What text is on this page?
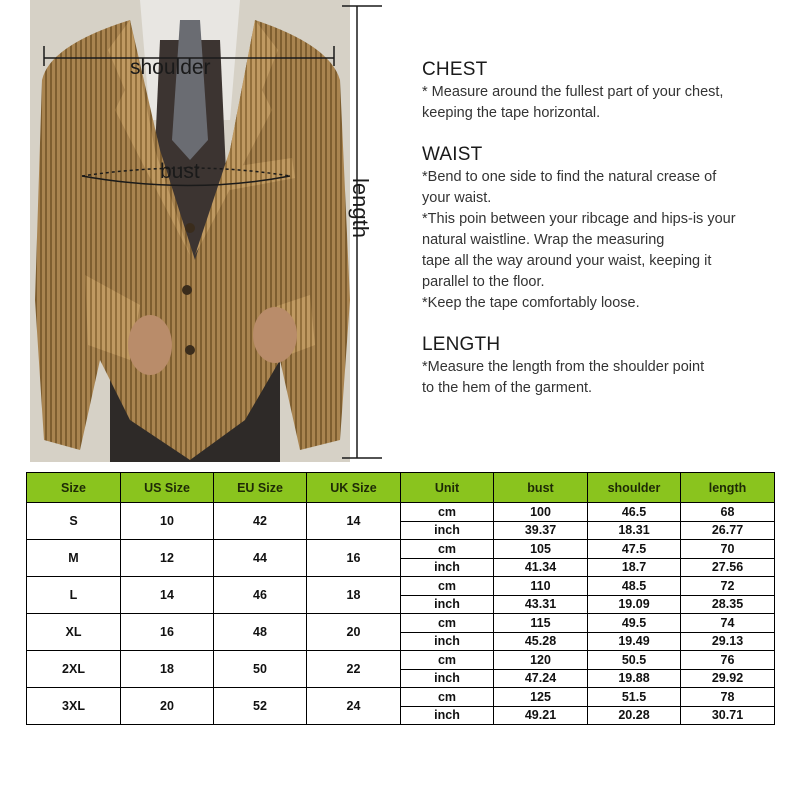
shoulder
bust
length
CHEST
* Measure around the fullest part of your chest,
keeping the tape horizontal.
WAIST
*Bend to one side to find the natural crease of
your waist.
*This poin between your ribcage and hips-is your
natural waistline. Wrap the measuring
tape all the way around your waist, keeping it
parallel to the floor.
*Keep the tape comfortably loose.
LENGTH
*Measure the length from the shoulder point
to the hem of the garment.
Size	US Size	EU Size	UK Size	Unit	bust	shoulder	length
S	10	42	14	cm	100	46.5	68
				inch	39.37	18.31	26.77
M	12	44	16	cm	105	47.5	70
				inch	41.34	18.7	27.56
L	14	46	18	cm	110	48.5	72
				inch	43.31	19.09	28.35
XL	16	48	20	cm	115	49.5	74
				inch	45.28	19.49	29.13
2XL	18	50	22	cm	120	50.5	76
				inch	47.24	19.88	29.92
3XL	20	52	24	cm	125	51.5	78
				inch	49.21	20.28	30.71
